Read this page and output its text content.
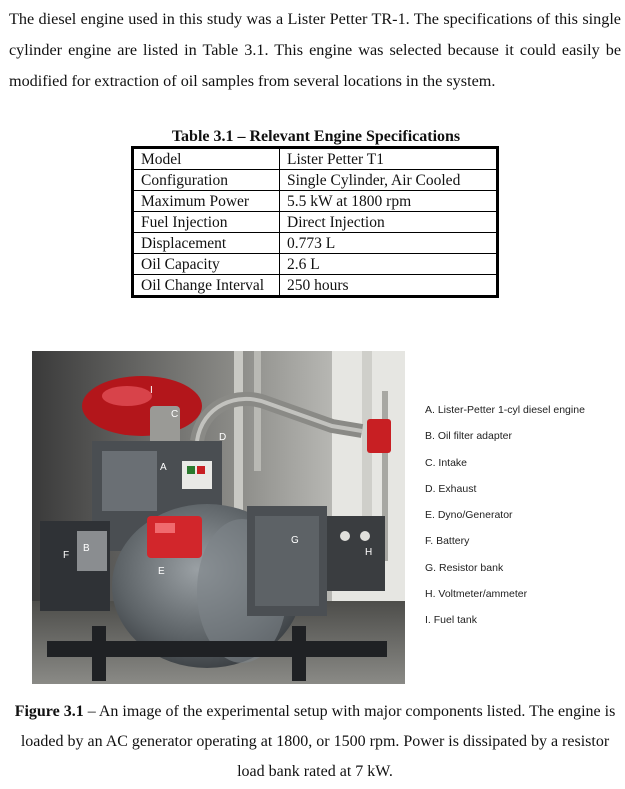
The diesel engine used in this study was a Lister Petter TR-1. The specifications of this single cylinder engine are listed in Table 3.1. This engine was selected because it could easily be modified for extraction of oil samples from several locations in the system.
Table 3.1 – Relevant Engine Specifications
Model	Lister Petter T1
Configuration	Single Cylinder, Air Cooled
Maximum Power	5.5 kW at 1800 rpm
Fuel Injection	Direct Injection
Displacement	0.773 L
Oil Capacity	2.6 L
Oil Change Interval	250 hours
C
D
A
B
F
E
G
H
I
A. Lister-Petter 1-cyl diesel engine
B. Oil filter adapter
C. Intake
D. Exhaust
E. Dyno/Generator
F. Battery
G. Resistor bank
H. Voltmeter/ammeter
I. Fuel tank
Figure 3.1 – An image of the experimental setup with major components listed. The engine is loaded by an AC generator operating at 1800, or 1500 rpm. Power is dissipated by a resistor load bank rated at 7 kW.
